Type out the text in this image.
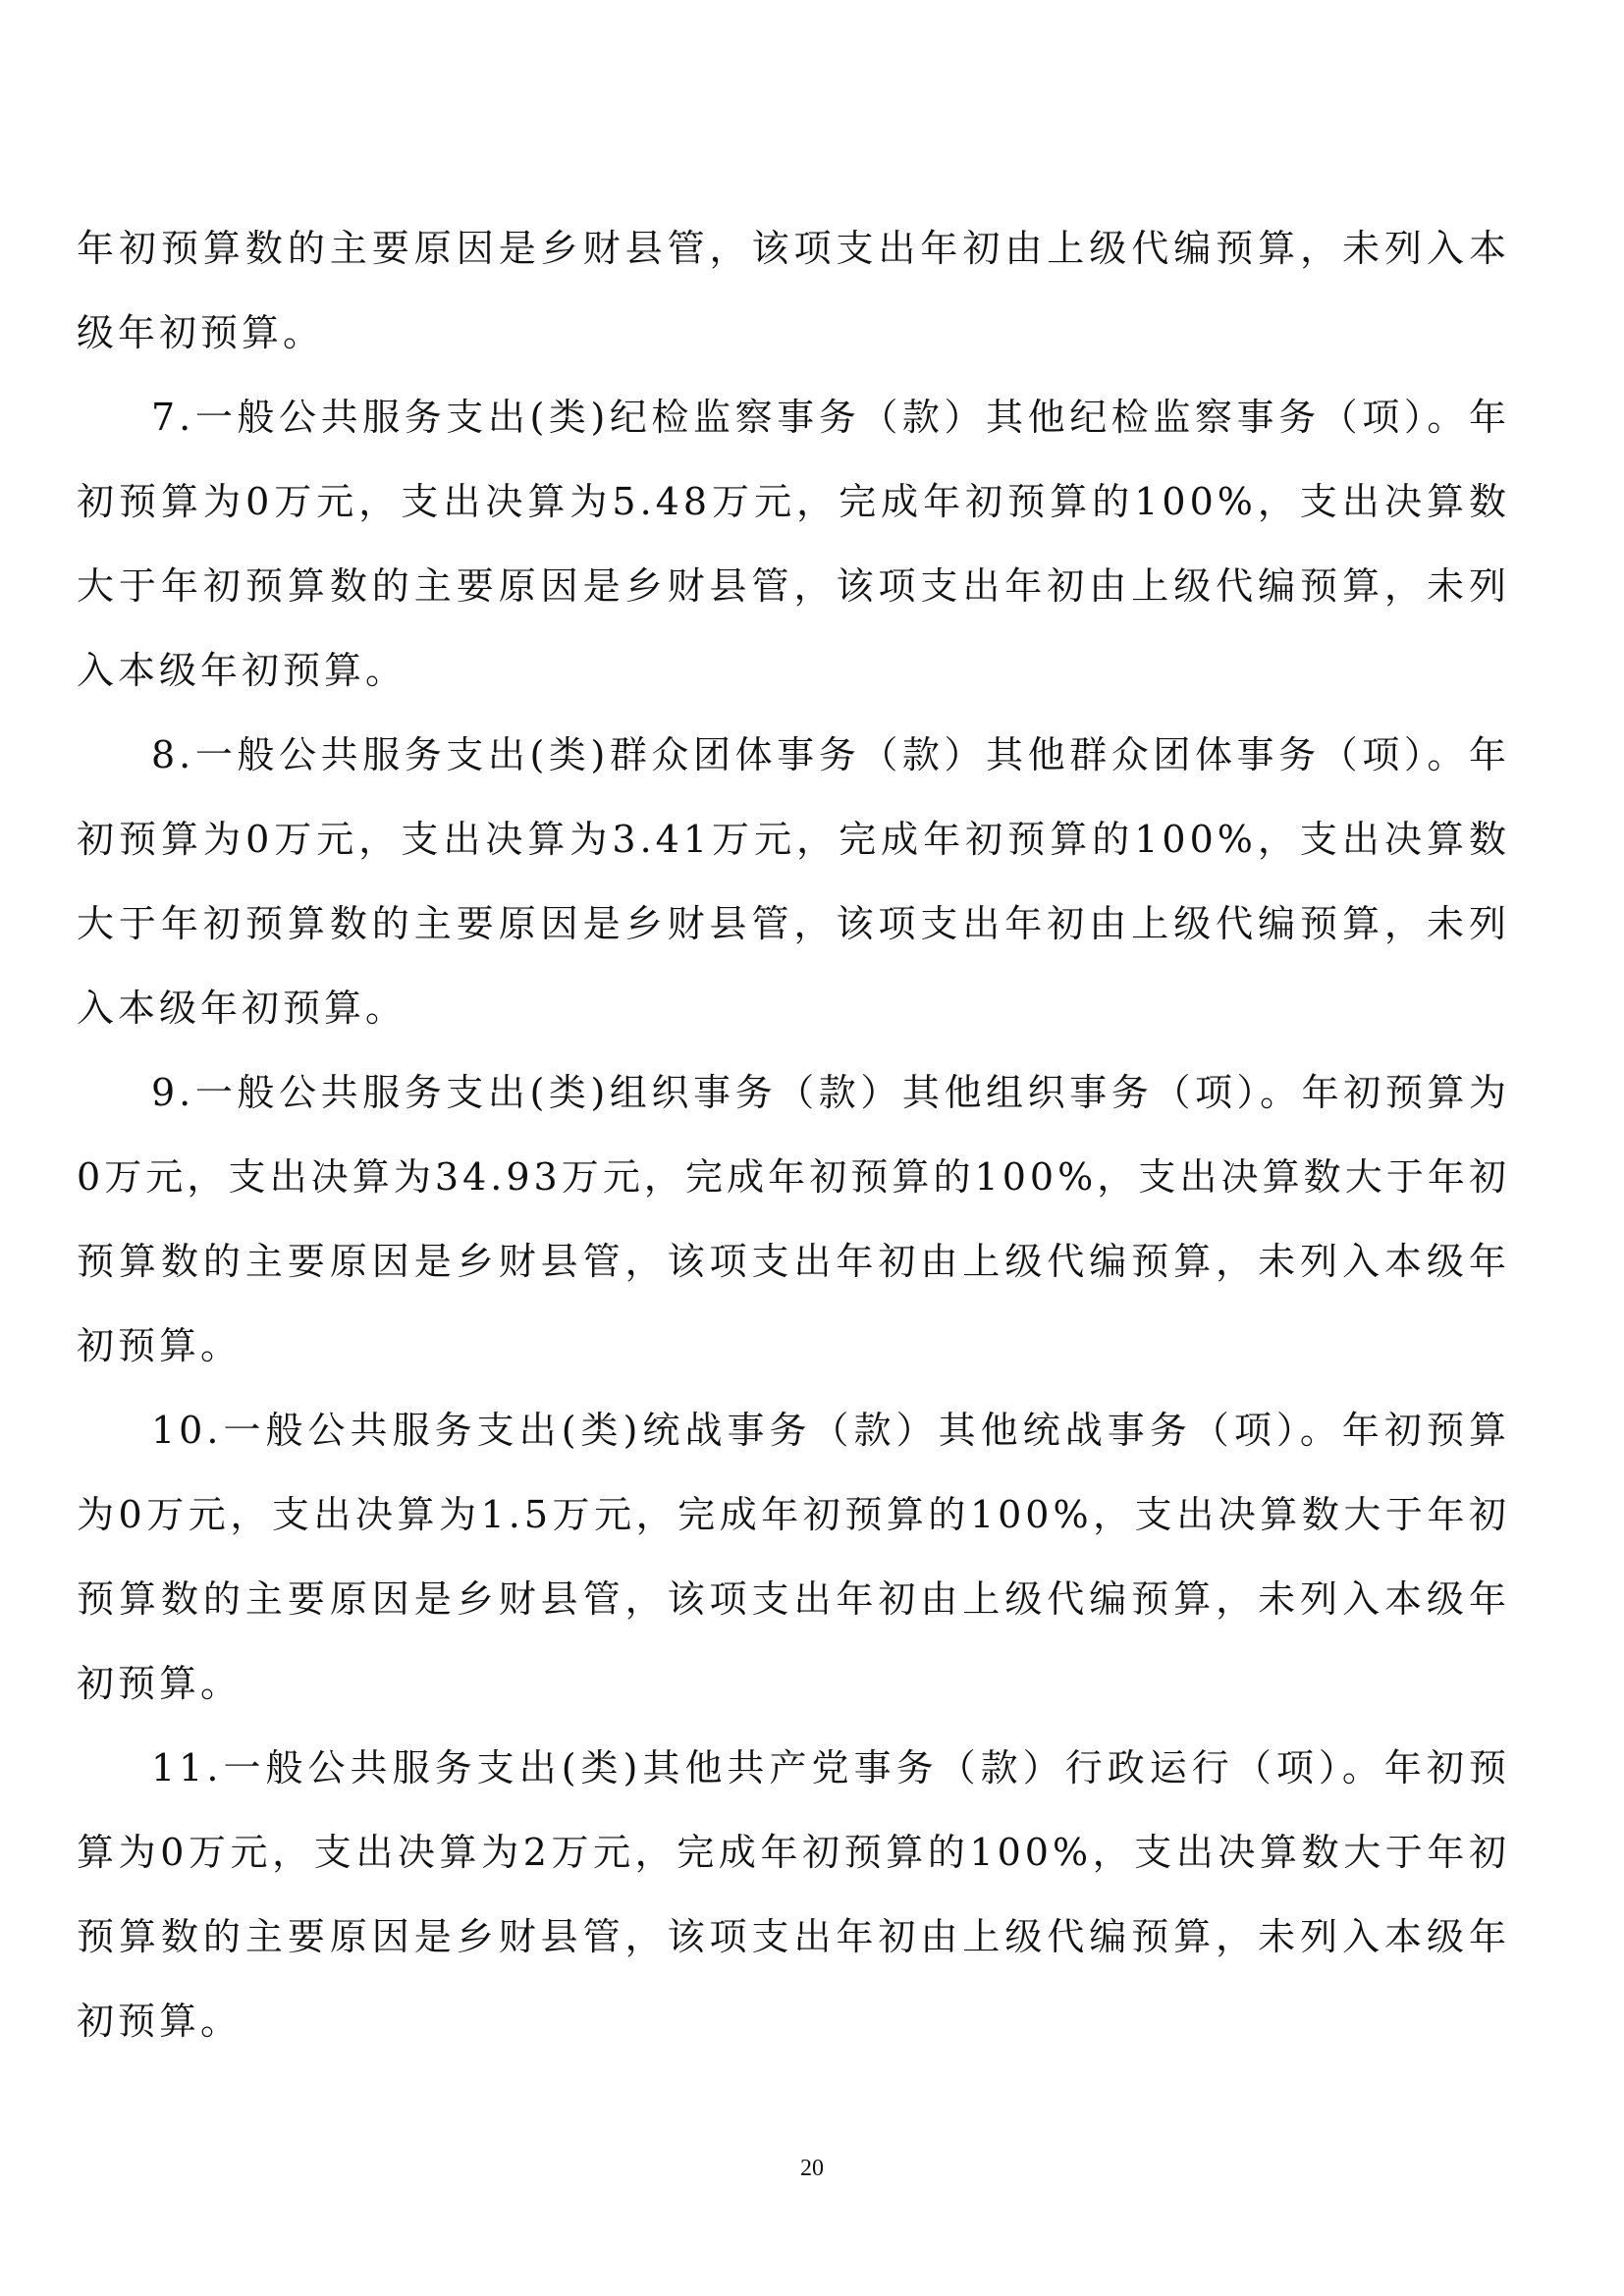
年初预算数的主要原因是乡财县管，该项支出年初由上级代编预算，未列入本级年初预算。

7.一般公共服务支出(类)纪检监察事务（款）其他纪检监察事务（项）。年初预算为0万元，支出决算为5.48万元，完成年初预算的100%，支出决算数大于年初预算数的主要原因是乡财县管，该项支出年初由上级代编预算，未列入本级年初预算。

8.一般公共服务支出(类)群众团体事务（款）其他群众团体事务（项）。年初预算为0万元，支出决算为3.41万元，完成年初预算的100%，支出决算数大于年初预算数的主要原因是乡财县管，该项支出年初由上级代编预算，未列入本级年初预算。

9.一般公共服务支出(类)组织事务（款）其他组织事务（项）。年初预算为0万元，支出决算为34.93万元，完成年初预算的100%，支出决算数大于年初预算数的主要原因是乡财县管，该项支出年初由上级代编预算，未列入本级年初预算。

10.一般公共服务支出(类)统战事务（款）其他统战事务（项）。年初预算为0万元，支出决算为1.5万元，完成年初预算的100%，支出决算数大于年初预算数的主要原因是乡财县管，该项支出年初由上级代编预算，未列入本级年初预算。

11.一般公共服务支出(类)其他共产党事务（款）行政运行（项）。年初预算为0万元，支出决算为2万元，完成年初预算的100%，支出决算数大于年初预算数的主要原因是乡财县管，该项支出年初由上级代编预算，未列入本级年初预算。

20
